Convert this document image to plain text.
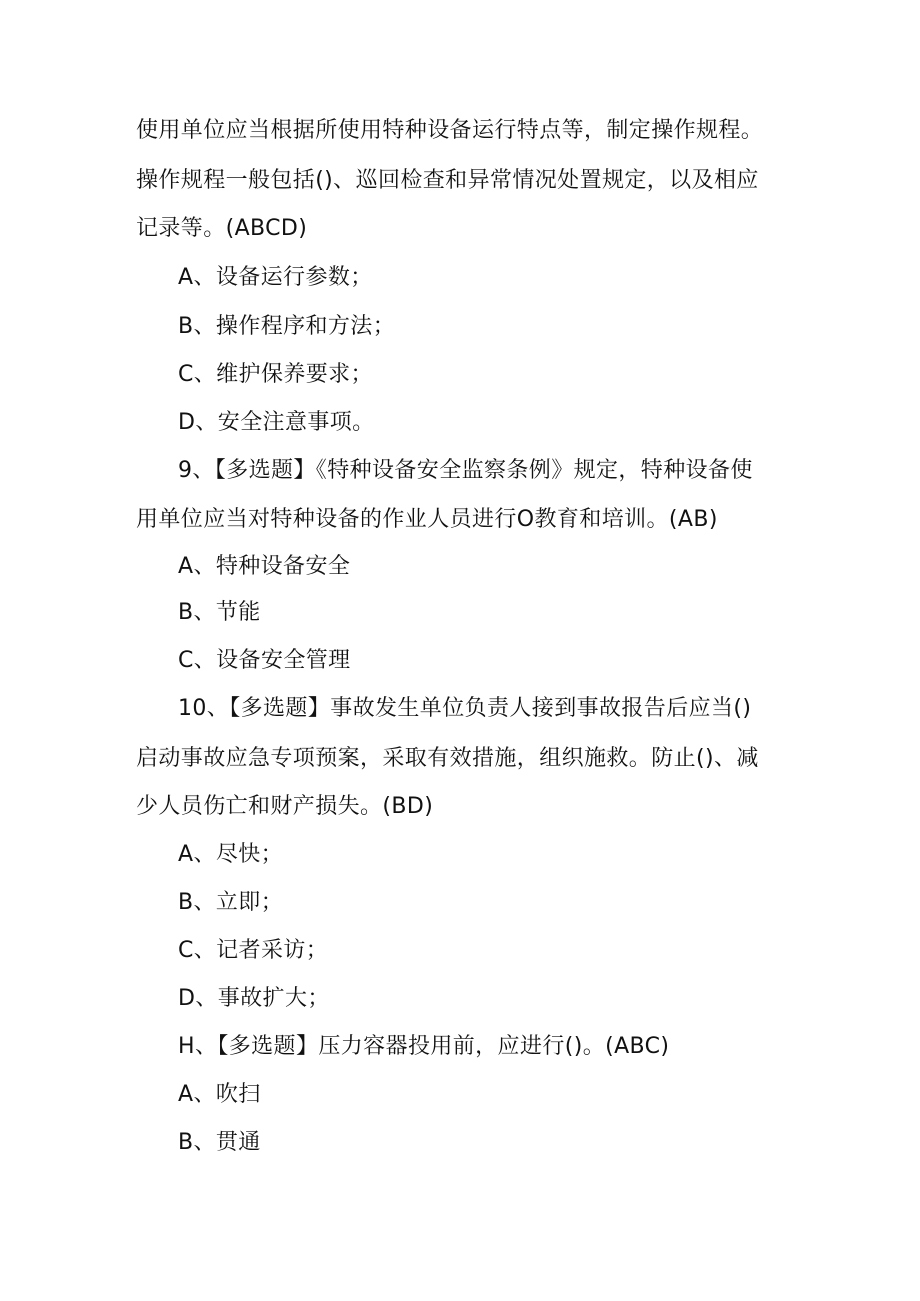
使用单位应当根据所使用特种设备运行特点等，制定操作规程。
操作规程一般包括()、巡回检查和异常情况处置规定，以及相应
记录等。(ABCD)
A、设备运行参数；
B、操作程序和方法；
C、维护保养要求；
D、安全注意事项。
9、【多选题】《特种设备安全监察条例》规定，特种设备使
用单位应当对特种设备的作业人员进行O教育和培训。(AB)
A、特种设备安全
B、节能
C、设备安全管理
10、【多选题】事故发生单位负责人接到事故报告后应当()
启动事故应急专项预案，采取有效措施，组织施救。防止()、减
少人员伤亡和财产损失。(BD)
A、尽快；
B、立即；
C、记者采访；
D、事故扩大；
H、【多选题】压力容器投用前，应进行()。(ABC)
A、吹扫
B、贯通
